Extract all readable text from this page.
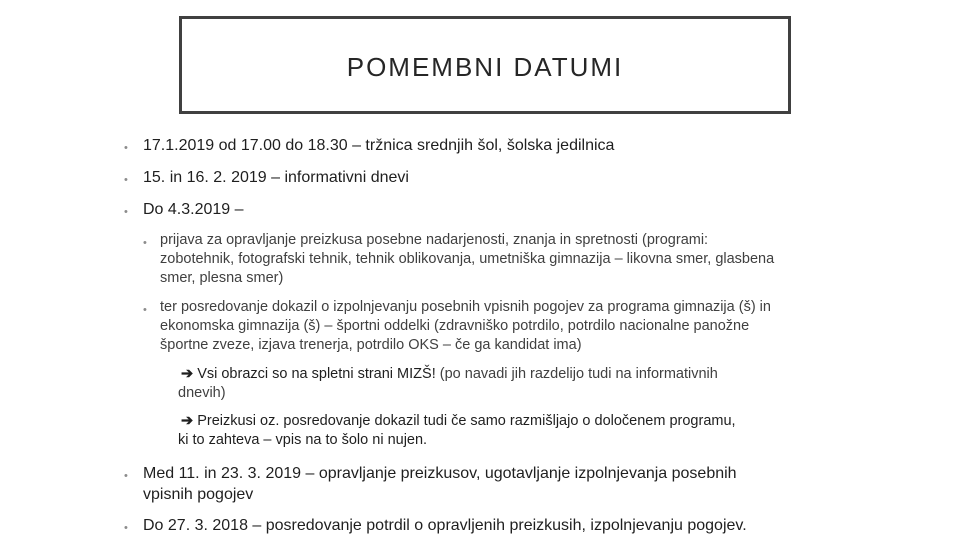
POMEMBNI DATUMI
• 17.1.2019 od 17.00 do 18.30 – tržnica srednjih šol, šolska jedilnica
• 15. in 16. 2. 2019 – informativni dnevi
• Do 4.3.2019 –
• prijava za opravljanje preizkusa posebne nadarjenosti, znanja in spretnosti (programi:
zobotehnik, fotografski tehnik, tehnik oblikovanja, umetniška gimnazija – likovna smer, glasbena
smer, plesna smer)
• ter posredovanje dokazil o izpolnjevanju posebnih vpisnih pogojev za programa gimnazija (š) in
ekonomska gimnazija (š) – športni oddelki (zdravniško potrdilo, potrdilo nacionalne panožne
športne zveze, izjava trenerja, potrdilo OKS – če ga kandidat ima)
➔ Vsi obrazci so na spletni strani MIZŠ! (po navadi jih razdelijo tudi na informativnih
dnevih)
➔ Preizkusi oz. posredovanje dokazil tudi če samo razmišljajo o določenem programu,
ki to zahteva – vpis na to šolo ni nujen.
• Med 11. in 23. 3. 2019 – opravljanje preizkusov, ugotavljanje izpolnjevanja posebnih
vpisnih pogojev
• Do 27. 3. 2018 – posredovanje potrdil o opravljenih preizkusih, izpolnjevanju pogojev.
